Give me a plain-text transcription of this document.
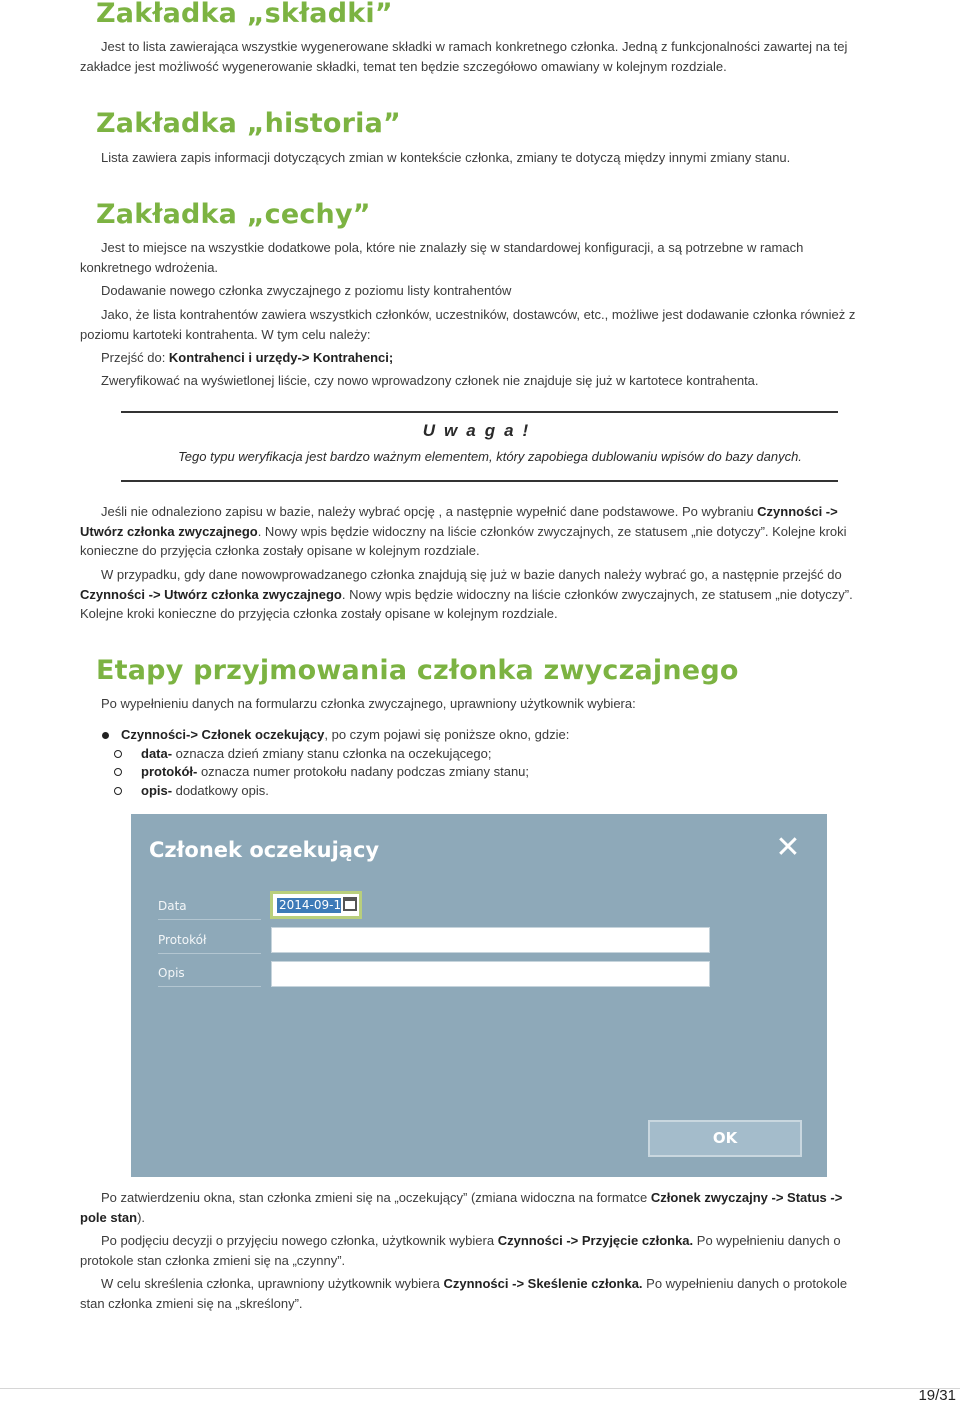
Zakładka „składki”

Jest to lista zawierająca wszystkie wygenerowane składki w ramach konkretnego członka. Jedną z funkcjonalności zawartej na tej
zakładce jest możliwość wygenerowanie składki, temat ten będzie szczegółowo omawiany w kolejnym rozdziale.

Zakładka „historia”

Lista zawiera zapis informacji dotyczących zmian w kontekście członka, zmiany te dotyczą między innymi zmiany stanu.

Zakładka „cechy”

Jest to miejsce na wszystkie dodatkowe pola, które nie znalazły się w standardowej konfiguracji, a są potrzebne w ramach
konkretnego wdrożenia.

Dodawanie nowego członka zwyczajnego z poziomu listy kontrahentów

Jako, że lista kontrahentów zawiera wszystkich członków, uczestników, dostawców, etc., możliwe jest dodawanie członka również z
poziomu kartoteki kontrahenta. W tym celu należy:

Przejść do: Kontrahenci i urzędy-> Kontrahenci;

Zweryfikować na wyświetlonej liście, czy nowo wprowadzony członek nie znajduje się już w kartotece kontrahenta.

Uwaga!
Tego typu weryfikacja jest bardzo ważnym elementem, który zapobiega dublowaniu wpisów do bazy danych.

Jeśli nie odnaleziono zapisu w bazie, należy wybrać opcję , a następnie wypełnić dane podstawowe. Po wybraniu Czynności ->
Utwórz członka zwyczajnego. Nowy wpis będzie widoczny na liście członków zwyczajnych, ze statusem „nie dotyczy”. Kolejne kroki
konieczne do przyjęcia członka zostały opisane w kolejnym rozdziale.

W przypadku, gdy dane nowowprowadzanego członka znajdują się już w bazie danych należy wybrać go, a następnie przejść do
Czynności -> Utwórz członka zwyczajnego. Nowy wpis będzie widoczny na liście członków zwyczajnych, ze statusem „nie dotyczy”.
Kolejne kroki konieczne do przyjęcia członka zostały opisane w kolejnym rozdziale.

Etapy przyjmowania członka zwyczajnego

Po wypełnieniu danych na formularzu członka zwyczajnego, uprawniony użytkownik wybiera:

Czynności-> Członek oczekujący, po czym pojawi się poniższe okno, gdzie:
data- oznacza dzień zmiany stanu członka na oczekującego;
protokół- oznacza numer protokołu nadany podczas zmiany stanu;
opis- dodatkowy opis.
Członek oczekujący	✕
Data	2014-09-18
Protokół
Opis
OK

Po zatwierdzeniu okna, stan członka zmieni się na „oczekujący” (zmiana widoczna na formatce Członek zwyczajny -> Status ->
pole stan).

Po podjęciu decyzji o przyjęciu nowego członka, użytkownik wybiera Czynności -> Przyjęcie członka. Po wypełnieniu danych o
protokole stan członka zmieni się na „czynny”.

W celu skreślenia członka, uprawniony użytkownik wybiera Czynności -> Skeślenie członka. Po wypełnieniu danych o protokole
stan członka zmieni się na „skreślony”.

19/31
